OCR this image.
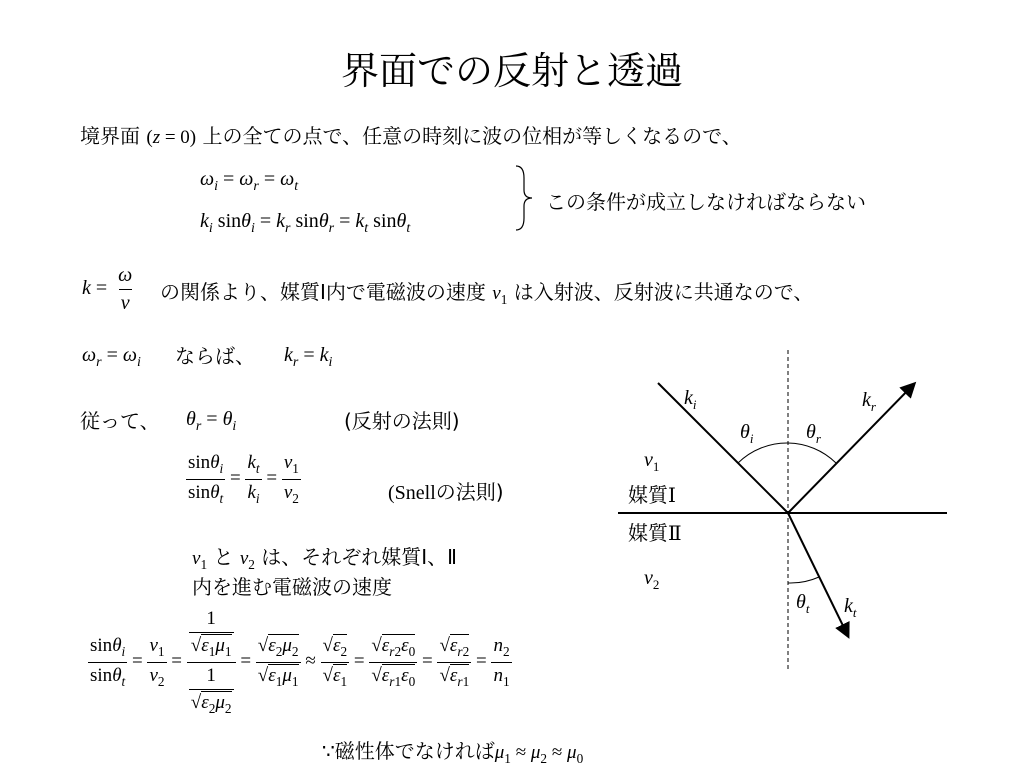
界面での反射と透過
境界面 (z = 0) 上の全ての点で、任意の時刻に波の位相が等しくなるので、
$\omega_i = \omega_r = \omega_t$
$k_i$ $\sin\theta_i = k_r$ $\sin\theta_r = k_t$ sinθ$_t$
この条件が成立しなければならない
$k = \frac{\omega}{v}$ の関係より、媒質Ⅰ内で電磁波の速度 $v_1$ は入射波、反射波に共通なので、
$\omega_r = \omega_i$ ならば、 $k_r = k_i$
従って、 $\theta_r = \theta_i$	(反射の法則)
$\frac{\sin\theta_i}{\sin\theta_t} = \frac{k_t}{k_i} = \frac{v_1}{v_2}$	(Snellの法則)
$v_1$ と $v_2$ は、それぞれ媒質Ⅰ、Ⅱ
内を進む電磁波の速度
$\frac{\sin\theta_i}{\sin\theta_t} = \frac{v_1}{v_2} = \frac{\frac{1}{√\varepsilon_1\mu_1}}{\frac{1}{√\varepsilon_2\mu_2}} = \frac{√\varepsilon_2\mu_2}{√\varepsilon_1\mu_1} \approx \frac{√\varepsilon_2}{√\varepsilon_1} = \frac{√\varepsilon_{r2}\varepsilon_0}{√\varepsilon_{r1}\varepsilon_0} = \frac{√\varepsilon_{r2}}{√\varepsilon_{r1}} = \frac{n_2}{n_1}$
∵磁性体でなければ$\mu_1 \approx \mu_2 \approx \mu_0$
$k_i$	$k_r$
$\theta_i$	$\theta_r$
$v_1$
$v_2$
$\theta_t$ $k_t$
媒質Ⅰ
媒質Ⅱ
